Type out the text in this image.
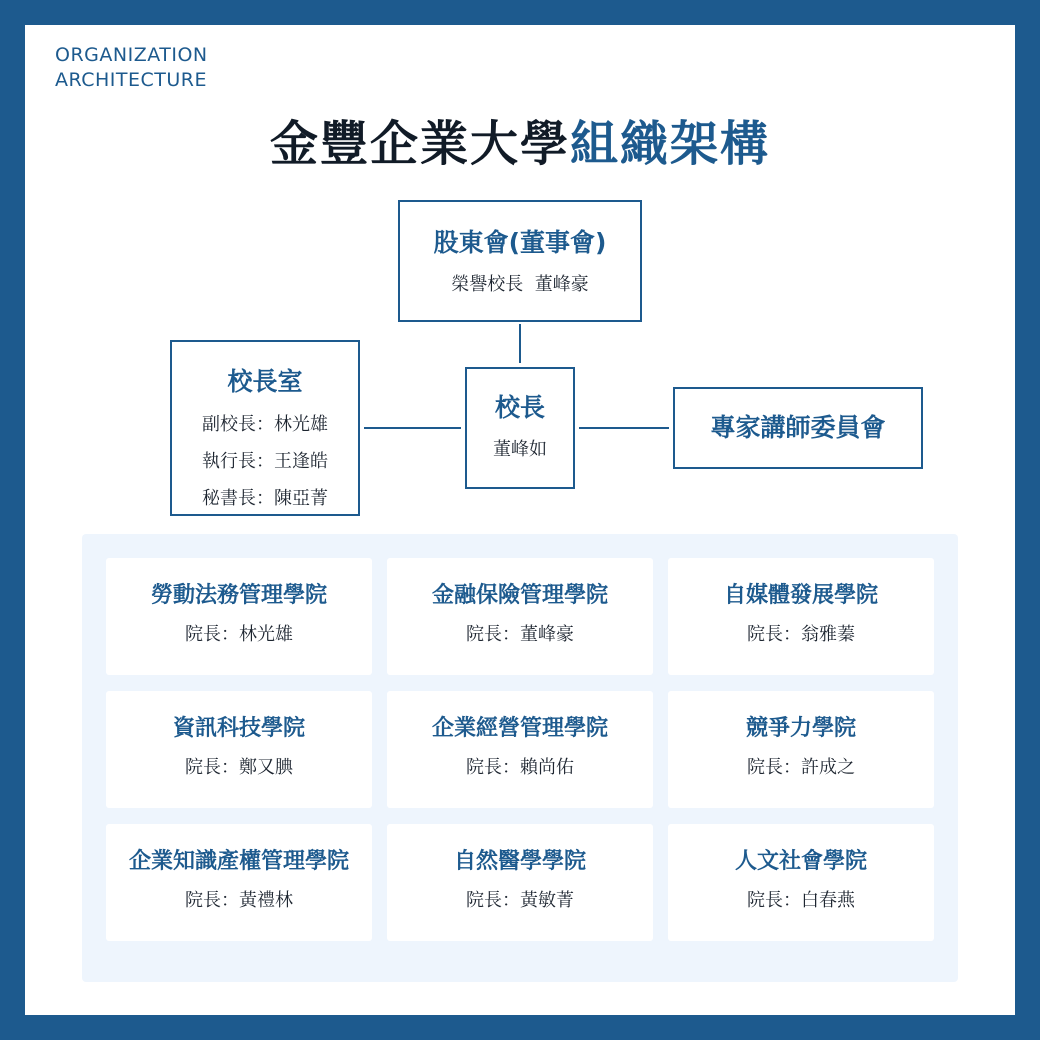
ORGANIZATION
ARCHITECTURE
金豐企業大學組織架構
股東會(董事會)
榮譽校長  董峰豪
校長室
副校長：林光雄
執行長：王逢皓
秘書長：陳亞菁
校長
董峰如
專家講師委員會
勞動法務管理學院
院長：林光雄
金融保險管理學院
院長：董峰豪
自媒體發展學院
院長：翁雅蓁
資訊科技學院
院長：鄭又腆
企業經營管理學院
院長：賴尚佑
競爭力學院
院長：許成之
企業知識產權管理學院
院長：黃禮林
自然醫學學院
院長：黃敏菁
人文社會學院
院長：白春燕
